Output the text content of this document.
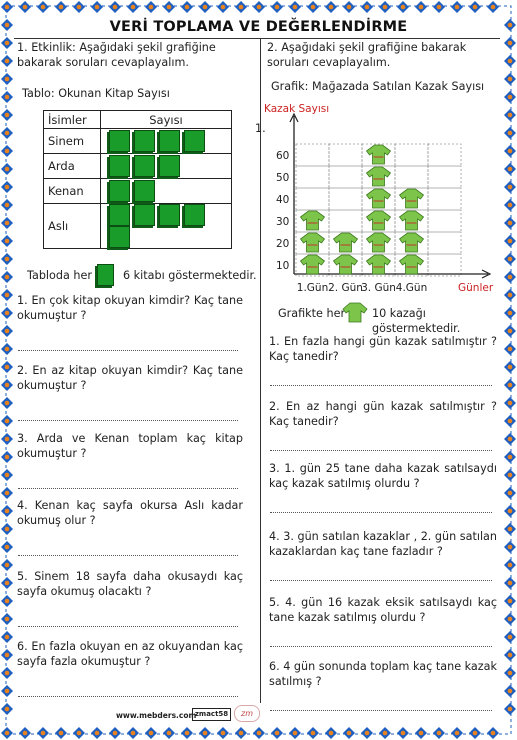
VERİ TOPLAMA VE DEĞERLENDİRME
1. Etkinlik: Aşağıdaki şekil grafiğine bakarak soruları cevaplayalım.
Tablo: Okunan Kitap Sayısı
İsimler	Sayısı
Sinem	
Arda	
Kenan	
Aslı	
Tabloda her	6 kitabı göstermektedir.
1. En çok kitap okuyan kimdir? Kaç tane okumuştur ?
2. En az kitap okuyan kimdir? Kaç tane okumuştur ?
3. Arda ve Kenan toplam kaç kitap okumuştur ?
4. Kenan kaç sayfa okursa Aslı kadar okumuş olur ?
5. Sinem 18 sayfa daha okusaydı kaç sayfa okumuş olacaktı ?
6. En fazla okuyan en az okuyandan kaç sayfa fazla okumuştur ?
2. Aşağıdaki şekil grafiğine bakarak soruları cevaplayalım.
Grafik: Mağazada Satılan Kazak Sayısı
1.
Kazak Sayısı
Günler
10
20
30
40
50
60
1.Gün 2. Gün
3. Gün 4.Gün
Grafikte her 10 kazağı göstermektedir.
1. En fazla hangi gün kazak satılmıştır ? Kaç tanedir?
2. En az hangi gün kazak satılmıştır ? Kaç tanedir?
3. 1. gün 25 tane daha kazak satılsaydı kaç kazak satılmış olurdu ?
4. 3. gün satılan kazaklar , 2. gün satılan kazaklardan kaç tane fazladır ?
5. 4. gün 16 kazak eksik satılsaydı kaç tane kazak satılmış olurdu ?
6. 4 gün sonunda toplam kaç tane kazak satılmış ?
www.mebders.com
zmact58	zm
